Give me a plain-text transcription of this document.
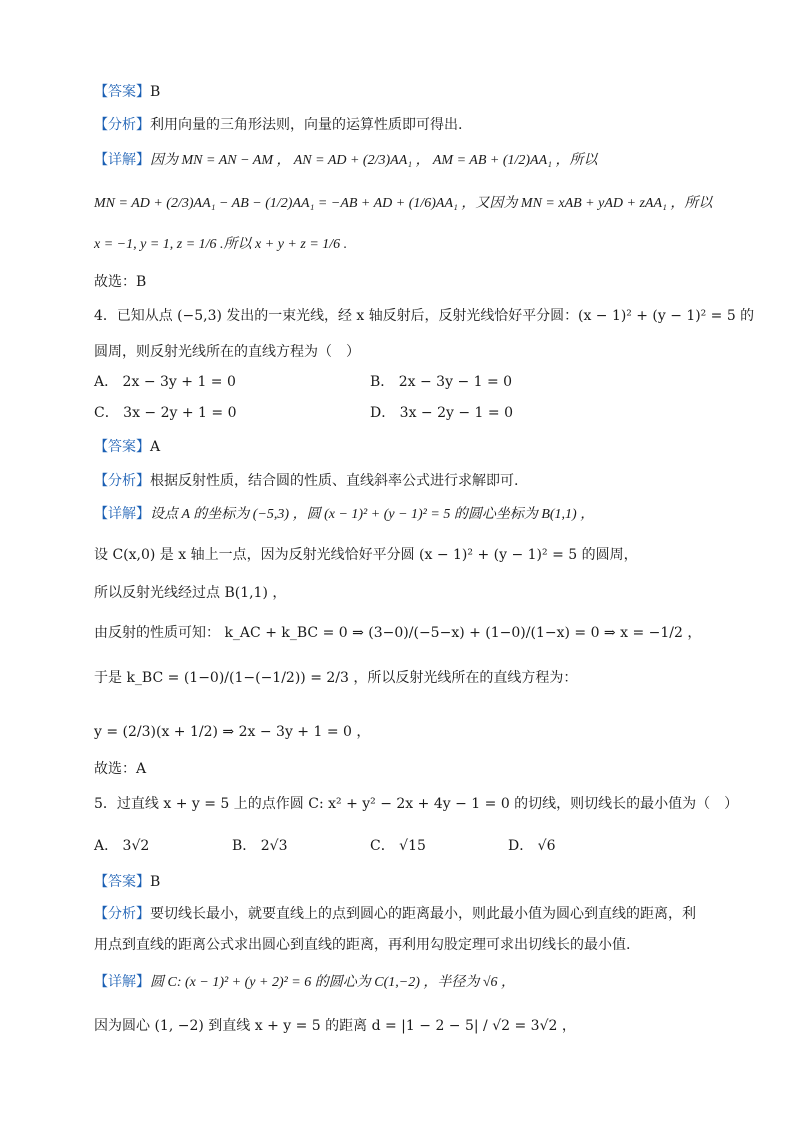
【答案】B
【分析】利用向量的三角形法则，向量的运算性质即可得出.
【详解】因为 MN = AN − AM ， AN = AD + (2/3)AA₁ ， AM = AB + (1/2)AA₁ ，所以
MN = AD + (2/3)AA₁ − AB − (1/2)AA₁ = −AB + AD + (1/6)AA₁ ，又因为 MN = xAB + yAD + zAA₁ ，所以
x = −1, y = 1, z = 1/6 .所以 x + y + z = 1/6 .
故选：B
4．已知从点 (−5,3) 发出的一束光线，经 x 轴反射后，反射光线恰好平分圆：(x − 1)² + (y − 1)² = 5 的
圆周，则反射光线所在的直线方程为（　）
A． 2x − 3y + 1 = 0	B． 2x − 3y − 1 = 0
C． 3x − 2y + 1 = 0	D． 3x − 2y − 1 = 0
【答案】A
【分析】根据反射性质，结合圆的性质、直线斜率公式进行求解即可.
【详解】设点 A 的坐标为 (−5,3) ，圆 (x − 1)² + (y − 1)² = 5 的圆心坐标为 B(1,1) ，
设 C(x,0) 是 x 轴上一点，因为反射光线恰好平分圆 (x − 1)² + (y − 1)² = 5 的圆周，
所以反射光线经过点 B(1,1) ，
由反射的性质可知： k_AC + k_BC = 0 ⇒ (3−0)/(−5−x) + (1−0)/(1−x) = 0 ⇒ x = −1/2 ，
于是 k_BC = (1−0)/(1−(−1/2)) = 2/3 ，所以反射光线所在的直线方程为：
y = (2/3)(x + 1/2) ⇒ 2x − 3y + 1 = 0 ，
故选：A
5．过直线 x + y = 5 上的点作圆 C: x² + y² − 2x + 4y − 1 = 0 的切线，则切线长的最小值为（　）
A． 3√2	B． 2√3	C． √15	D． √6
【答案】B
【分析】要切线长最小，就要直线上的点到圆心的距离最小，则此最小值为圆心到直线的距离，利
用点到直线的距离公式求出圆心到直线的距离，再利用勾股定理可求出切线长的最小值.
【详解】圆 C: (x − 1)² + (y + 2)² = 6 的圆心为 C(1,−2) ，半径为 √6 ，
因为圆心 (1, −2) 到直线 x + y = 5 的距离 d = |1 − 2 − 5| / √2 = 3√2 ，
